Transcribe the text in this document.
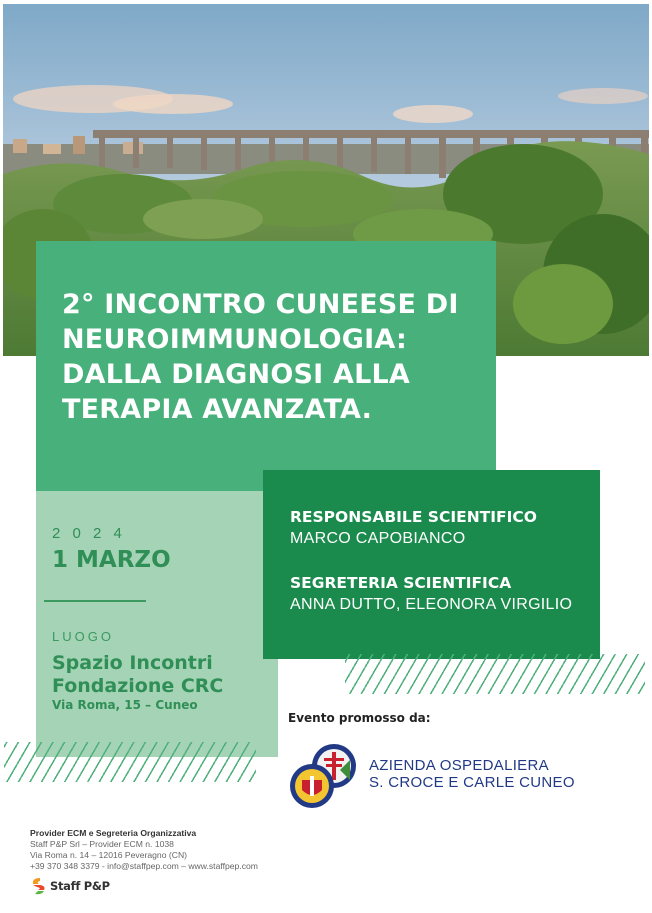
2° INCONTRO CUNEESE DI NEUROIMMUNOLOGIA: DALLA DIAGNOSI ALLA TERAPIA AVANZATA.
2 0 2 4
1 MARZO
LUOGO
Spazio Incontri
Fondazione CRC
Via Roma, 15 – Cuneo
RESPONSABILE SCIENTIFICO
MARCO CAPOBIANCO
SEGRETERIA SCIENTIFICA
ANNA DUTTO, ELEONORA VIRGILIO
Evento promosso da:
AZIENDA OSPEDALIERA
S. CROCE E CARLE CUNEO
Provider ECM e Segreteria Organizzativa
Staff P&P Srl – Provider ECM n. 1038
Via Roma n. 14 – 12016 Peveragno (CN)
+39 370 348 3379 - info@staffpep.com – www.staffpep.com
Staff P&P
